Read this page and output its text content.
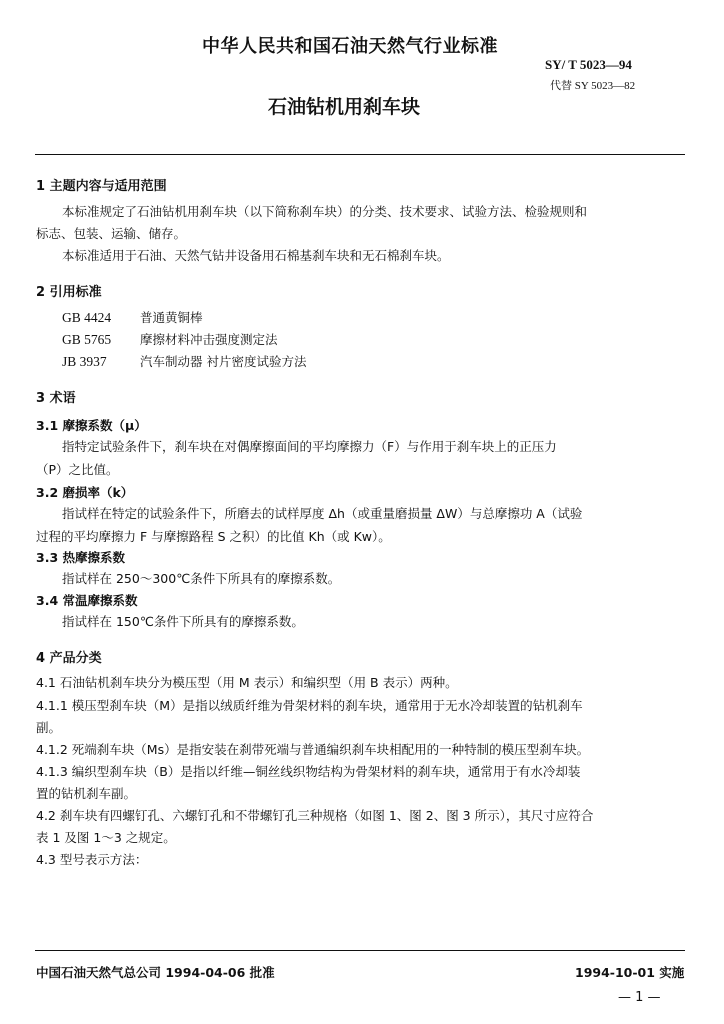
中华人民共和国石油天然气行业标准
SY/ T 5023—94
代替 SY 5023—82
石油钻机用刹车块
1 主题内容与适用范围
本标准规定了石油钻机用刹车块（以下简称刹车块）的分类、技术要求、试验方法、检验规则和
标志、包装、运输、储存。
本标准适用于石油、天然气钻井设备用石棉基刹车块和无石棉刹车块。
2 引用标准
GB 4424 普通黄铜棒
GB 5765 摩擦材料冲击强度测定法
JB 3937	汽车制动器 衬片密度试验方法
3 术语
3.1 摩擦系数（μ）
指特定试验条件下，刹车块在对偶摩擦面间的平均摩擦力（F）与作用于刹车块上的正压力
（P）之比值。
3.2 磨损率（k）
指试样在特定的试验条件下，所磨去的试样厚度 Δh（或重量磨损量 ΔW）与总摩擦功 A（试验
过程的平均摩擦力 F 与摩擦路程 S 之积）的比值 Kh（或 Kw）。
3.3 热摩擦系数
指试样在 250～300℃条件下所具有的摩擦系数。
3.4 常温摩擦系数
指试样在 150℃条件下所具有的摩擦系数。
4 产品分类
4.1 石油钻机刹车块分为模压型（用 M 表示）和编织型（用 B 表示）两种。
4.1.1 模压型刹车块（M）是指以绒质纤维为骨架材料的刹车块，通常用于无水冷却装置的钻机刹车
副。
4.1.2 死端刹车块（Ms）是指安装在刹带死端与普通编织刹车块相配用的一种特制的模压型刹车块。
4.1.3 编织型刹车块（B）是指以纤维—铜丝线织物结构为骨架材料的刹车块，通常用于有水冷却装
置的钻机刹车副。
4.2 刹车块有四螺钉孔、六螺钉孔和不带螺钉孔三种规格（如图 1、图 2、图 3 所示），其尺寸应符合
表 1 及图 1～3 之规定。
4.3 型号表示方法：
中国石油天然气总公司 1994-04-06 批准	1994-10-01 实施
— 1 —
